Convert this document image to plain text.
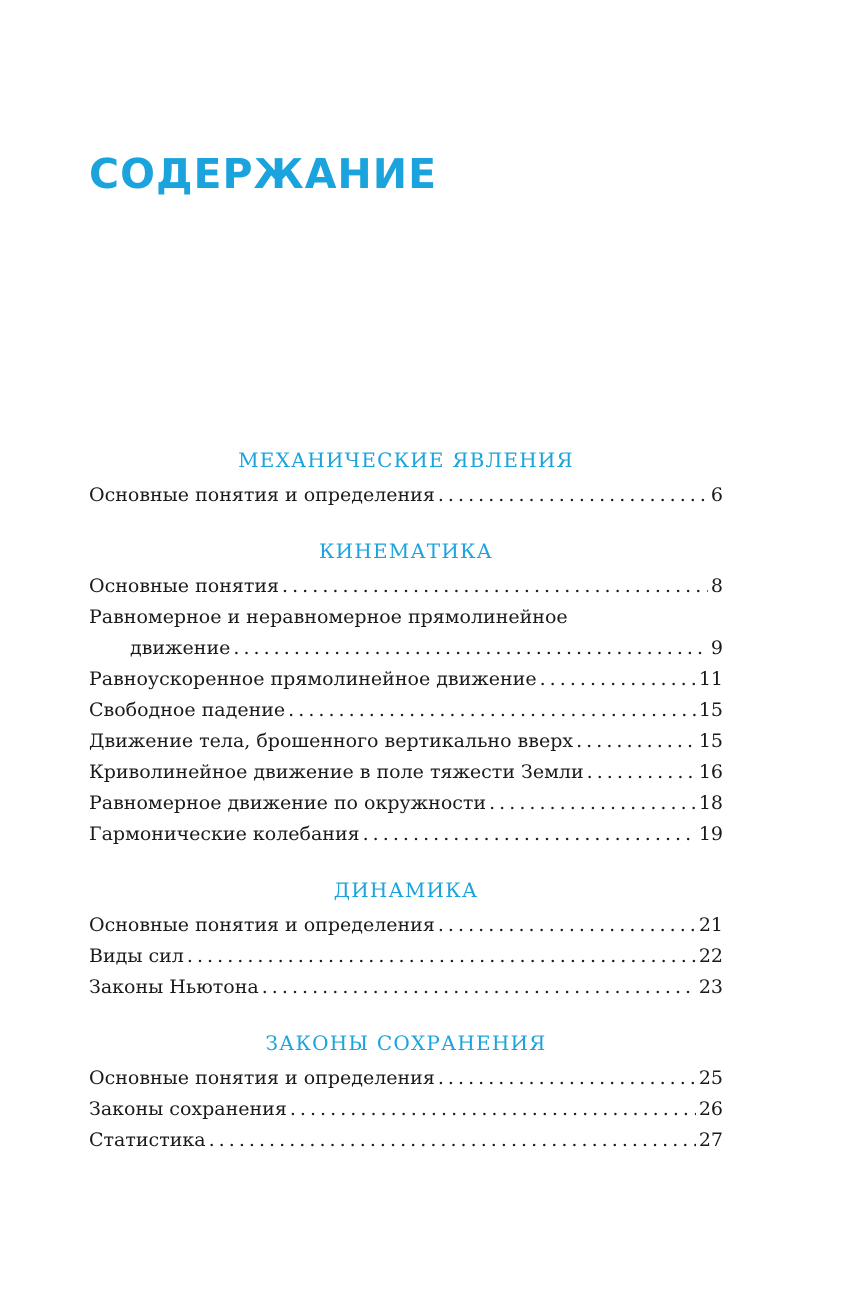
СОДЕРЖАНИЕ
МЕХАНИЧЕСКИЕ ЯВЛЕНИЯ
Основные понятия и определения . . .	6
КИНЕМАТИКА
Основные понятия . . .	8
Равномерное и неравномерное прямолинейное
движение . . .	9
Равноускоренное прямолинейное движение . . .	11
Свободное падение . . .	15
Движение тела, брошенного вертикально вверх . . .	15
Криволинейное движение в поле тяжести Земли . . .	16
Равномерное движение по окружности . . .	18
Гармонические колебания . . .	19
ДИНАМИКА
Основные понятия и определения . . .	21
Виды сил . . .	22
Законы Ньютона . . .	23
ЗАКОНЫ СОХРАНЕНИЯ
Основные понятия и определения . . .	25
Законы сохранения . . .	26
Статистика . . .	27
